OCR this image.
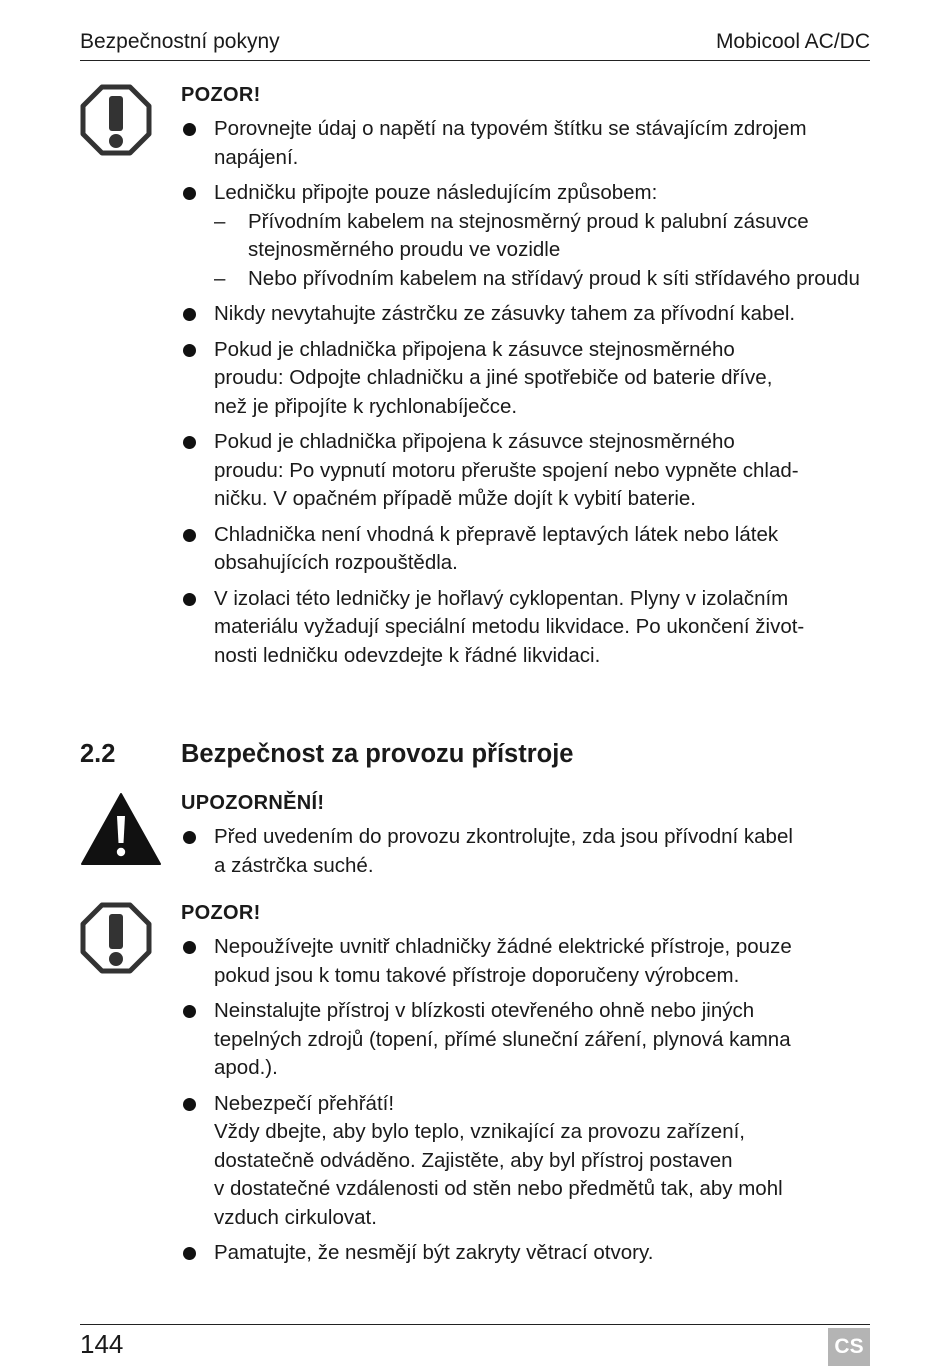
Bezpečnostní pokyny	Mobicool AC/DC
POZOR!
Porovnejte údaj o napětí na typovém štítku se stávajícím zdrojem napájení.
Ledničku připojte pouze následujícím způsobem:
– Přívodním kabelem na stejnosměrný proud k palubní zásuvce stejnosměrného proudu ve vozidle
– Nebo přívodním kabelem na střídavý proud k síti střídavého proudu
Nikdy nevytahujte zástrčku ze zásuvky tahem za přívodní kabel.
Pokud je chladnička připojena k zásuvce stejnosměrného
proudu: Odpojte chladničku a jiné spotřebiče od baterie dříve,
než je připojíte k rychlonabíječce.
Pokud je chladnička připojena k zásuvce stejnosměrného
proudu: Po vypnutí motoru přerušte spojení nebo vypněte chlad-
ničku. V opačném případě může dojít k vybití baterie.
Chladnička není vhodná k přepravě leptavých látek nebo látek
obsahujících rozpouštědla.
V izolaci této ledničky je hořlavý cyklopentan. Plyny v izolačním
materiálu vyžadují speciální metodu likvidace. Po ukončení život-
nosti ledničku odevzdejte k řádné likvidaci.
2.2	Bezpečnost za provozu přístroje
UPOZORNĚNÍ!
Před uvedením do provozu zkontrolujte, zda jsou přívodní kabel
a zástrčka suché.
POZOR!
Nepoužívejte uvnitř chladničky žádné elektrické přístroje, pouze
pokud jsou k tomu takové přístroje doporučeny výrobcem.
Neinstalujte přístroj v blízkosti otevřeného ohně nebo jiných
tepelných zdrojů (topení, přímé sluneční záření, plynová kamna
apod.).
Nebezpečí přehřátí!
Vždy dbejte, aby bylo teplo, vznikající za provozu zařízení,
dostatečně odváděno. Zajistěte, aby byl přístroj postaven
v dostatečné vzdálenosti od stěn nebo předmětů tak, aby mohl
vzduch cirkulovat.
Pamatujte, že nesmějí být zakryty větrací otvory.
144	CS
